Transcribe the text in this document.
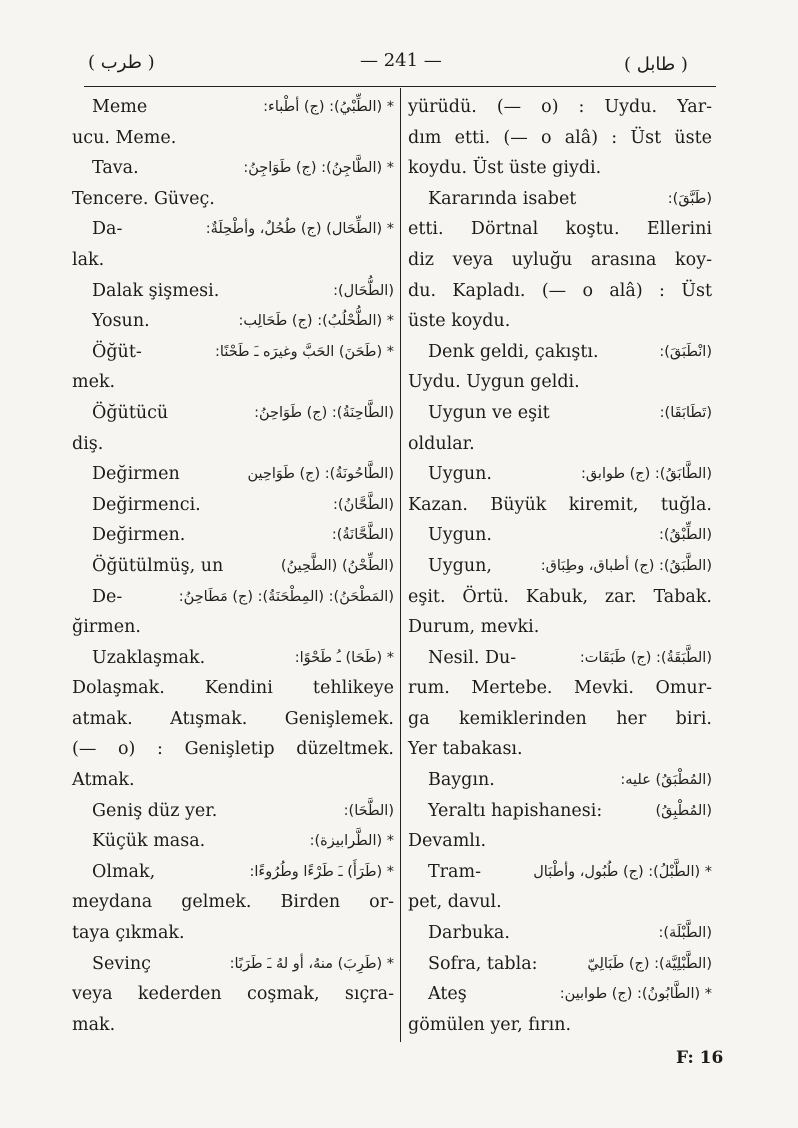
( طرب )	— 241 —	( طابل )
Meme	* (الطِّبْيُ): (ج) أطْباء:
ucu. Meme.
Tava.	* (الطَّاجِنُ): (ج) طَوَاجِنُ:
Tencere. Güveç.
Da-	* (الطِّحَال) (ج) طُحُلٌ، وأطْحِلَةٌ:
lak.
Dalak şişmesi.	(الطُّحَال):
Yosun.	* (الطُّحْلُبُ): (ج) طَحَالِب:
Öğüt-	* (طَحَنَ) الحَبَّ وغيرَه ـَ طَحْنًا:
mek.
Öğütücü	(الطَّاحِنَةُ): (ج) طَوَاحِنُ:
diş.
Değirmen	(الطَّاحُونَةُ): (ج) طَوَاحِين
Değirmenci.	(الطَّحَّانُ):
Değirmen.	(الطَّحَّانَةُ):
Öğütülmüş, un	(الطِّحْنُ) (الطَّحِينُ)
De-	(المَطْحَنُ): (المِطْحَنَةُ): (ج) مَطَاحِنُ:
ğirmen.
Uzaklaşmak.	* (طَحَا) ـُ طَحْوًا:
Dolaşmak. Kendini tehlikeye
atmak. Atışmak. Genişlemek.
(— o) : Genişletip düzeltmek.
Atmak.
Geniş düz yer.	(الطَّحَا):
Küçük masa.	* (الطَّرابيزة):
Olmak,	* (طَرَأَ) ـَ طَرْءًا وطُرُوءًا:
meydana gelmek. Birden or-
taya çıkmak.
Sevinç	* (طَرِبَ) منهُ، أو لهُ ـَ طَرَبًا:
veya kederden coşmak, sıçra-
mak.
yürüdü. (— o) : Uydu. Yar-
dım etti. (— o alâ) : Üst üste
koydu. Üst üste giydi.
Kararında isabet	(طَبَّقَ):
etti. Dörtnal koştu. Ellerini
diz veya uyluğu arasına koy-
du. Kapladı. (— o alâ) : Üst
üste koydu.
Denk geldi, çakıştı.	(انْطَبَقَ):
Uydu. Uygun geldi.
Uygun ve eşit	(تَطَابَقَا):
oldular.
Uygun.	(الطَّابَقُ): (ج) طوابق:
Kazan. Büyük kiremit, tuğla.
Uygun.	(الطِّبْقُ):
Uygun,	(الطَّبَقُ): (ج) أطباق، وطِبَاق:
eşit. Örtü. Kabuk, zar. Tabak.
Durum, mevki.
Nesil. Du-	(الطَّبَقَةُ): (ج) طَبَقَات:
rum. Mertebe. Mevki. Omur-
ga kemiklerinden her biri.
Yer tabakası.
Baygın.	(المُطْبَقُ) عليه:
Yeraltı hapishanesi:	(المُطْبِقُ)
Devamlı.
Tram-	* (الطَّبْلُ): (ج) طُبُول، وأطْبَال
pet, davul.
Darbuka.	(الطَّبْلَة):
Sofra, tabla:	(الطَّبْلِيَّة): (ج) طَبَالِيّ
Ateş	* (الطَّابُونُ): (ج) طوابين:
gömülen yer, fırın.
F: 16
